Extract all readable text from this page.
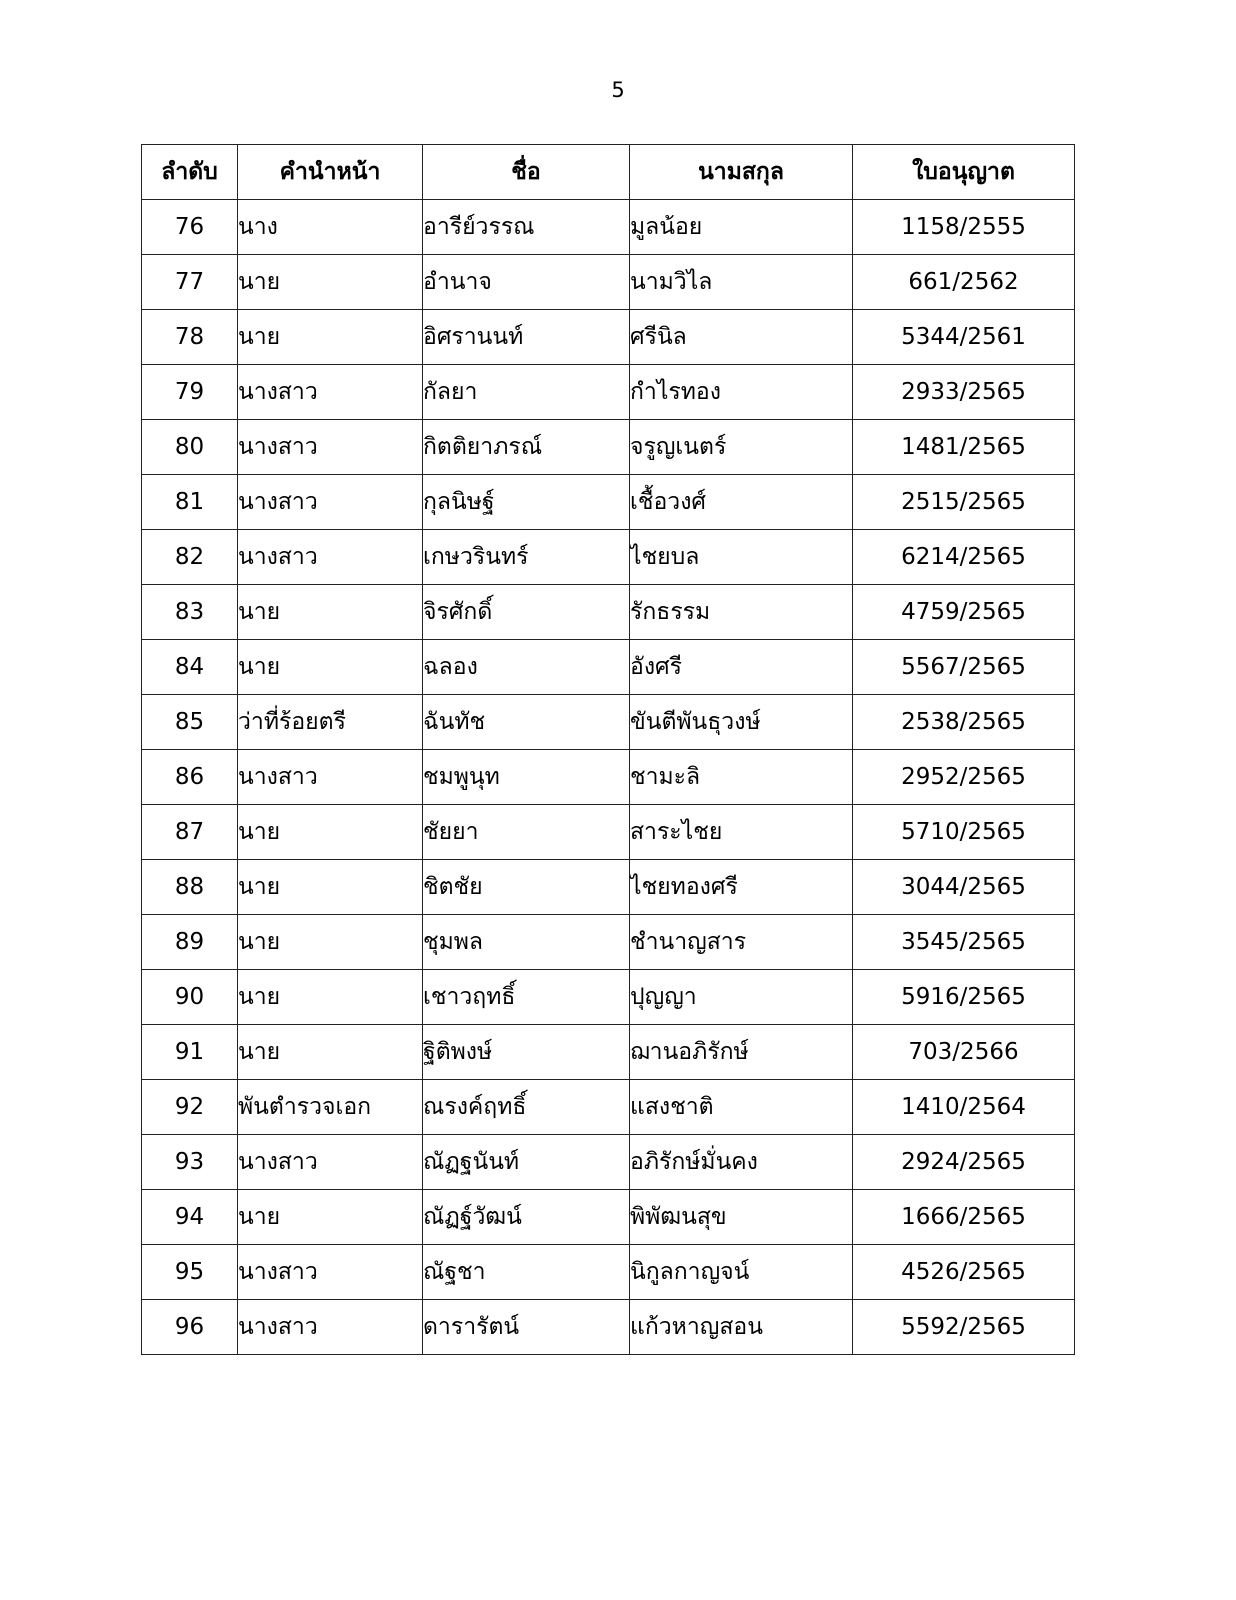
5
ลำดับ	คำนำหน้า	ชื่อ	นามสกุล	ใบอนุญาต
76	นาง	อารีย์วรรณ	มูลน้อย	1158/2555
77	นาย	อำนาจ	นามวิไล	661/2562
78	นาย	อิศรานนท์	ศรีนิล	5344/2561
79	นางสาว	กัลยา	กำไรทอง	2933/2565
80	นางสาว	กิตติยาภรณ์	จรูญเนตร์	1481/2565
81	นางสาว	กุลนิษฐ์	เชื้อวงศ์	2515/2565
82	นางสาว	เกษวรินทร์	ไชยบล	6214/2565
83	นาย	จิรศักดิ์	รักธรรม	4759/2565
84	นาย	ฉลอง	อังศรี	5567/2565
85	ว่าที่ร้อยตรี	ฉันทัช	ขันตีพันธุวงษ์	2538/2565
86	นางสาว	ชมพูนุท	ชามะลิ	2952/2565
87	นาย	ชัยยา	สาระไชย	5710/2565
88	นาย	ชิตชัย	ไชยทองศรี	3044/2565
89	นาย	ชุมพล	ชำนาญสาร	3545/2565
90	นาย	เชาวฤทธิ์	ปุญญา	5916/2565
91	นาย	ฐิติพงษ์	ฌานอภิรักษ์	703/2566
92	พันตำรวจเอก	ณรงค์ฤทธิ์	แสงชาติ	1410/2564
93	นางสาว	ณัฏฐนันท์	อภิรักษ์มั่นคง	2924/2565
94	นาย	ณัฏฐ์วัฒน์	พิพัฒนสุข	1666/2565
95	นางสาว	ณัฐชา	นิกูลกาญจน์	4526/2565
96	นางสาว	ดารารัตน์	แก้วหาญสอน	5592/2565
